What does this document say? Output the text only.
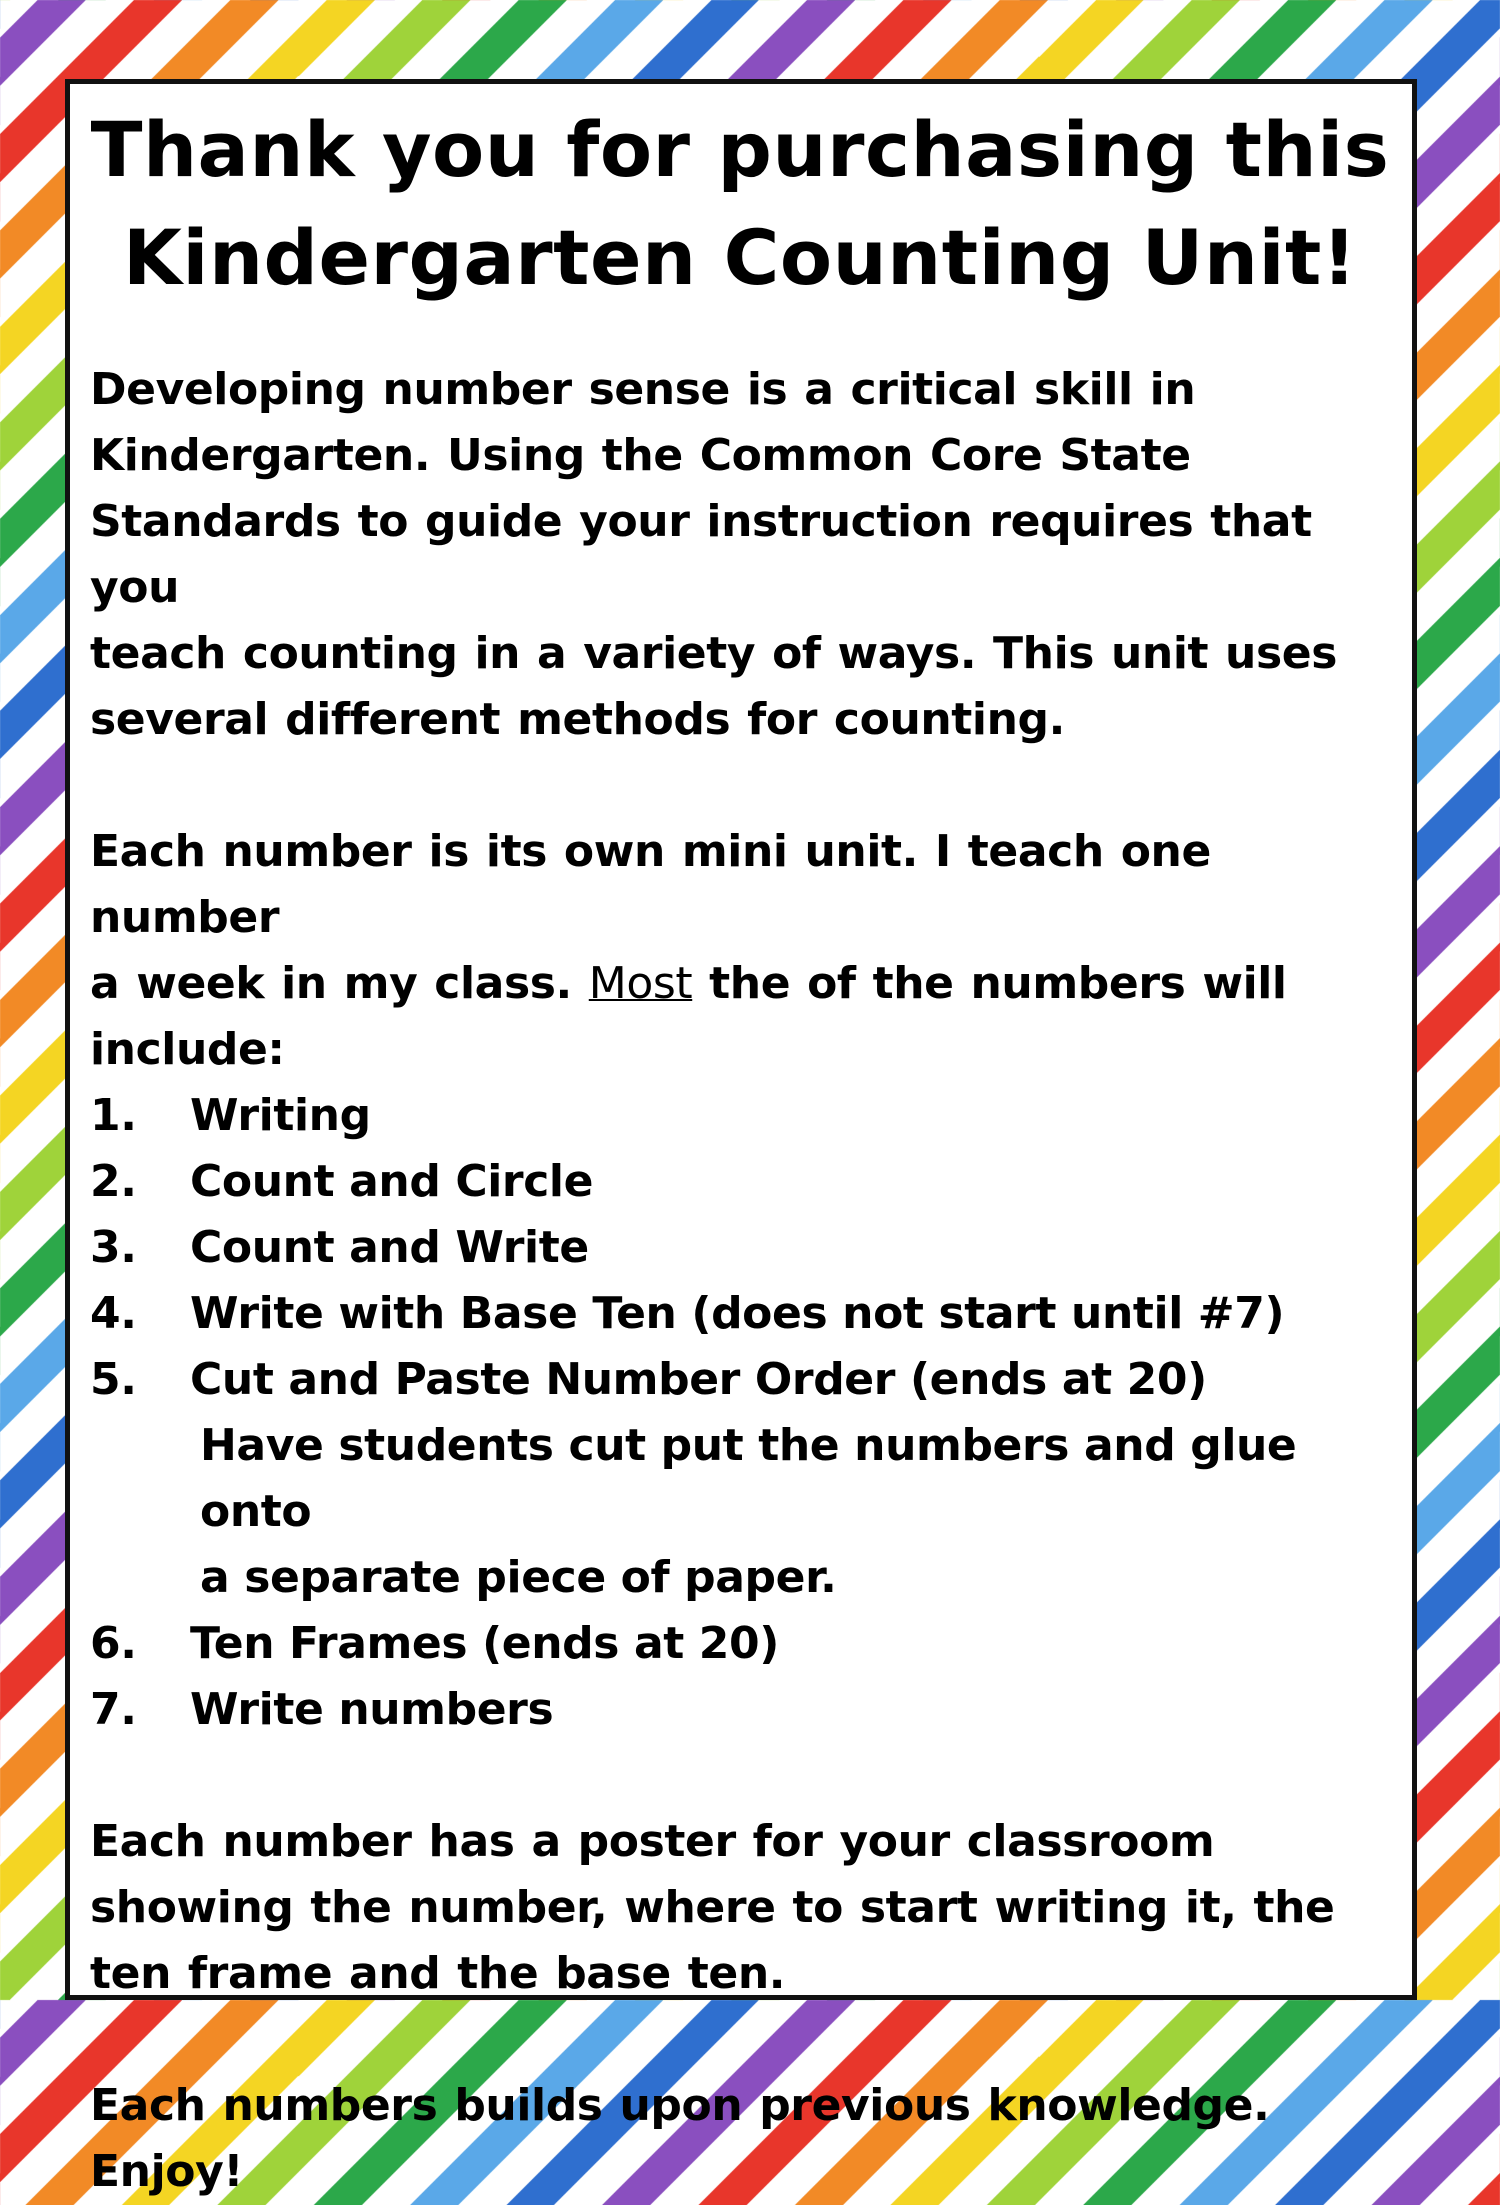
Thank you for purchasing this
Kindergarten Counting Unit!

Developing number sense is a critical skill in
Kindergarten. Using the Common Core State
Standards to guide your instruction requires that you
teach counting in a variety of ways. This unit uses
several different methods for counting.

Each number is its own mini unit. I teach one number
a week in my class. Most the of the numbers will
include:

1.	Writing
2.	Count and Circle
3.	Count and Write
4.	Write with Base Ten (does not start until #7)
5.	Cut and Paste Number Order (ends at 20)
Have students cut put the numbers and glue onto
a separate piece of paper.
6.	Ten Frames (ends at 20)
7.	Write numbers

Each number has a poster for your classroom
showing the number, where to start writing it, the
ten frame and the base ten.

Each numbers builds upon previous knowledge. Enjoy!
